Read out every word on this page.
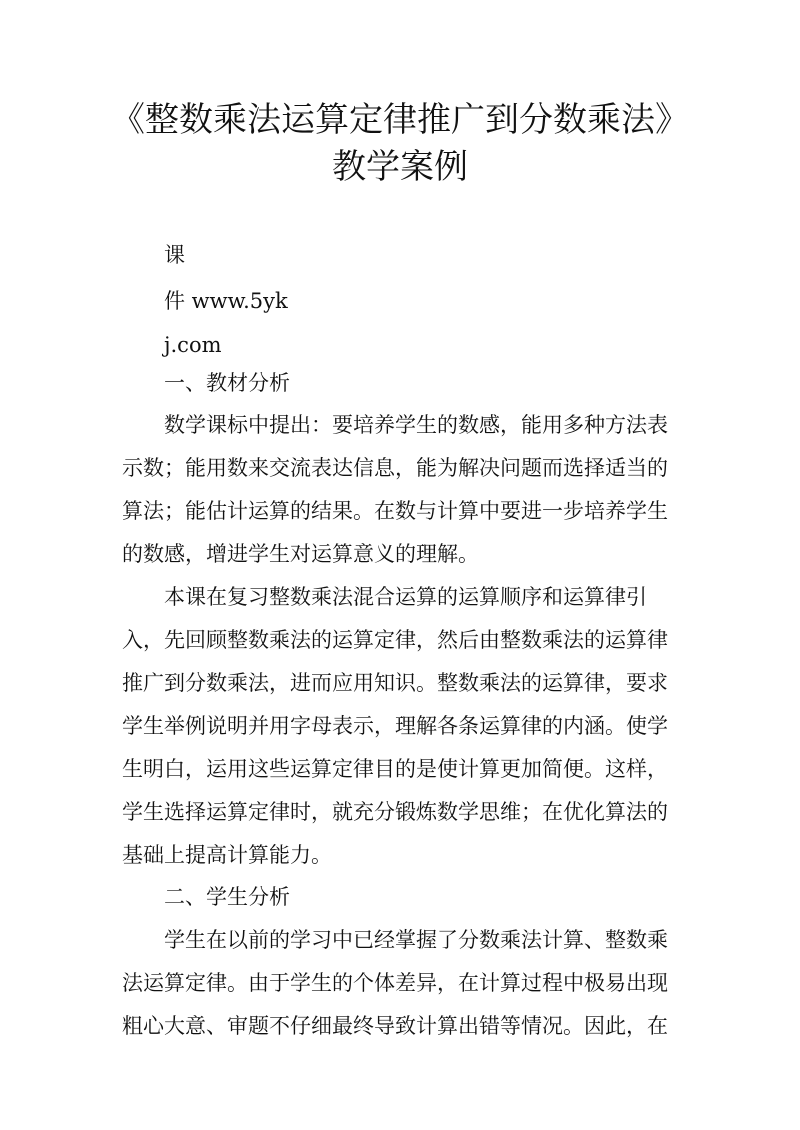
《整数乘法运算定律推广到分数乘法》
教学案例

课

件 www.5yk

j.com

一、教材分析

数学课标中提出：要培养学生的数感，能用多种方法表

示数；能用数来交流表达信息，能为解决问题而选择适当的

算法；能估计运算的结果。在数与计算中要进一步培养学生

的数感，增进学生对运算意义的理解。

本课在复习整数乘法混合运算的运算顺序和运算律引

入，先回顾整数乘法的运算定律，然后由整数乘法的运算律

推广到分数乘法，进而应用知识。整数乘法的运算律，要求

学生举例说明并用字母表示，理解各条运算律的内涵。使学

生明白，运用这些运算定律目的是使计算更加简便。这样，

学生选择运算定律时，就充分锻炼数学思维；在优化算法的

基础上提高计算能力。

二、学生分析

学生在以前的学习中已经掌握了分数乘法计算、整数乘

法运算定律。由于学生的个体差异，在计算过程中极易出现

粗心大意、审题不仔细最终导致计算出错等情况。因此，在
